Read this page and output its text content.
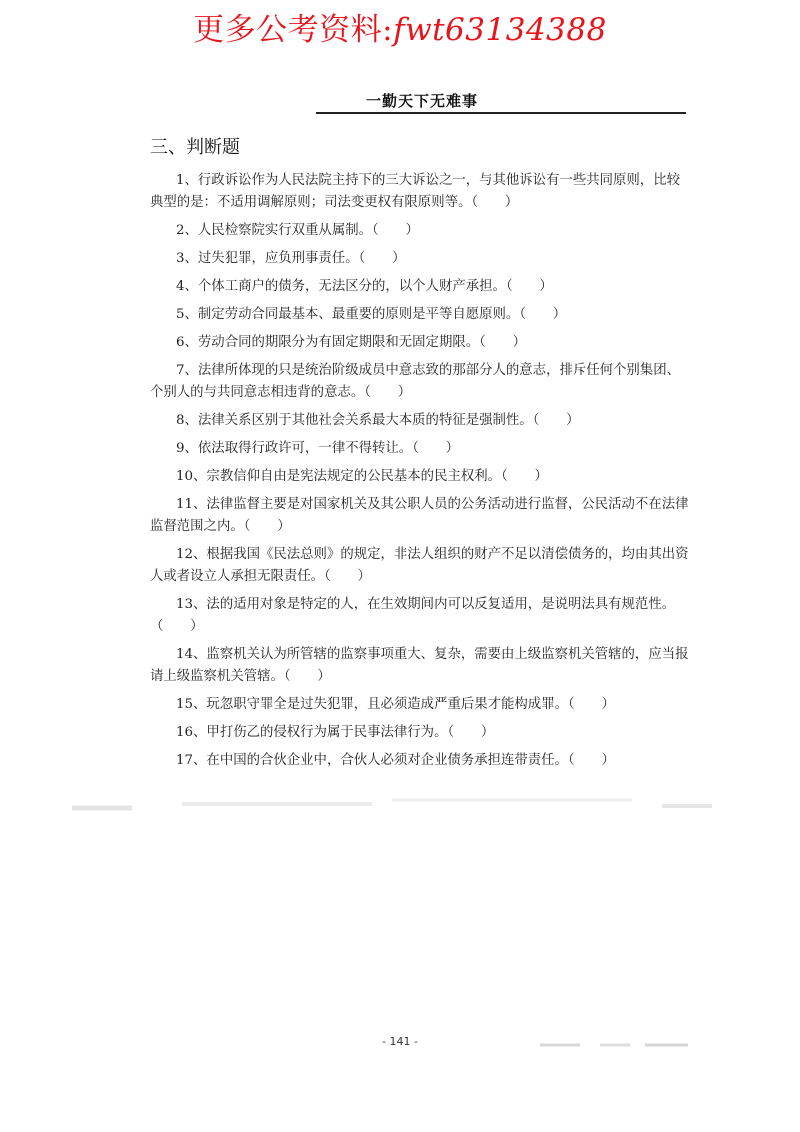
更多公考资料:fwt63134388
一勤天下无难事
三、判断题
1、行政诉讼作为人民法院主持下的三大诉讼之一，与其他诉讼有一些共同原则，比较典型的是：不适用调解原则；司法变更权有限原则等。（　　）
2、人民检察院实行双重从属制。（　　）
3、过失犯罪，应负刑事责任。（　　）
4、个体工商户的债务，无法区分的，以个人财产承担。（　　）
5、制定劳动合同最基本、最重要的原则是平等自愿原则。（　　）
6、劳动合同的期限分为有固定期限和无固定期限。（　　）
7、法律所体现的只是统治阶级成员中意志致的那部分人的意志，排斥任何个别集团、个别人的与共同意志相违背的意志。（　　）
8、法律关系区别于其他社会关系最大本质的特征是强制性。（　　）
9、依法取得行政许可，一律不得转让。（　　）
10、宗教信仰自由是宪法规定的公民基本的民主权利。（　　）
11、法律监督主要是对国家机关及其公职人员的公务活动进行监督，公民活动不在法律监督范围之内。（　　）
12、根据我国《民法总则》的规定，非法人组织的财产不足以清偿债务的，均由其出资人或者设立人承担无限责任。（　　）
13、法的适用对象是特定的人，在生效期间内可以反复适用，是说明法具有规范性。（　　）
14、监察机关认为所管辖的监察事项重大、复杂，需要由上级监察机关管辖的，应当报请上级监察机关管辖。（　　）
15、玩忽职守罪全是过失犯罪，且必须造成严重后果才能构成罪。（　　）
16、甲打伤乙的侵权行为属于民事法律行为。（　　）
17、在中国的合伙企业中，合伙人必须对企业债务承担连带责任。（　　）
- 141 -
